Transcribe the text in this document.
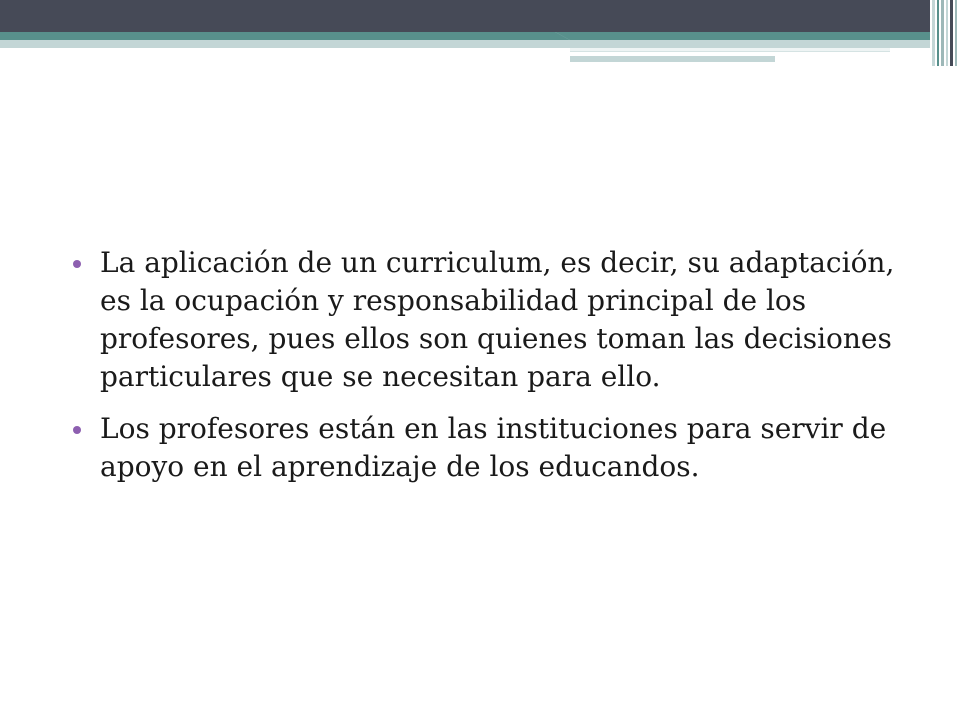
La aplicación de un curriculum, es decir, su adaptación, es la ocupación y responsabilidad principal de los profesores, pues ellos son quienes toman las decisiones particulares que se necesitan para ello.
Los profesores están en las instituciones para servir de apoyo en el aprendizaje de los educandos.
